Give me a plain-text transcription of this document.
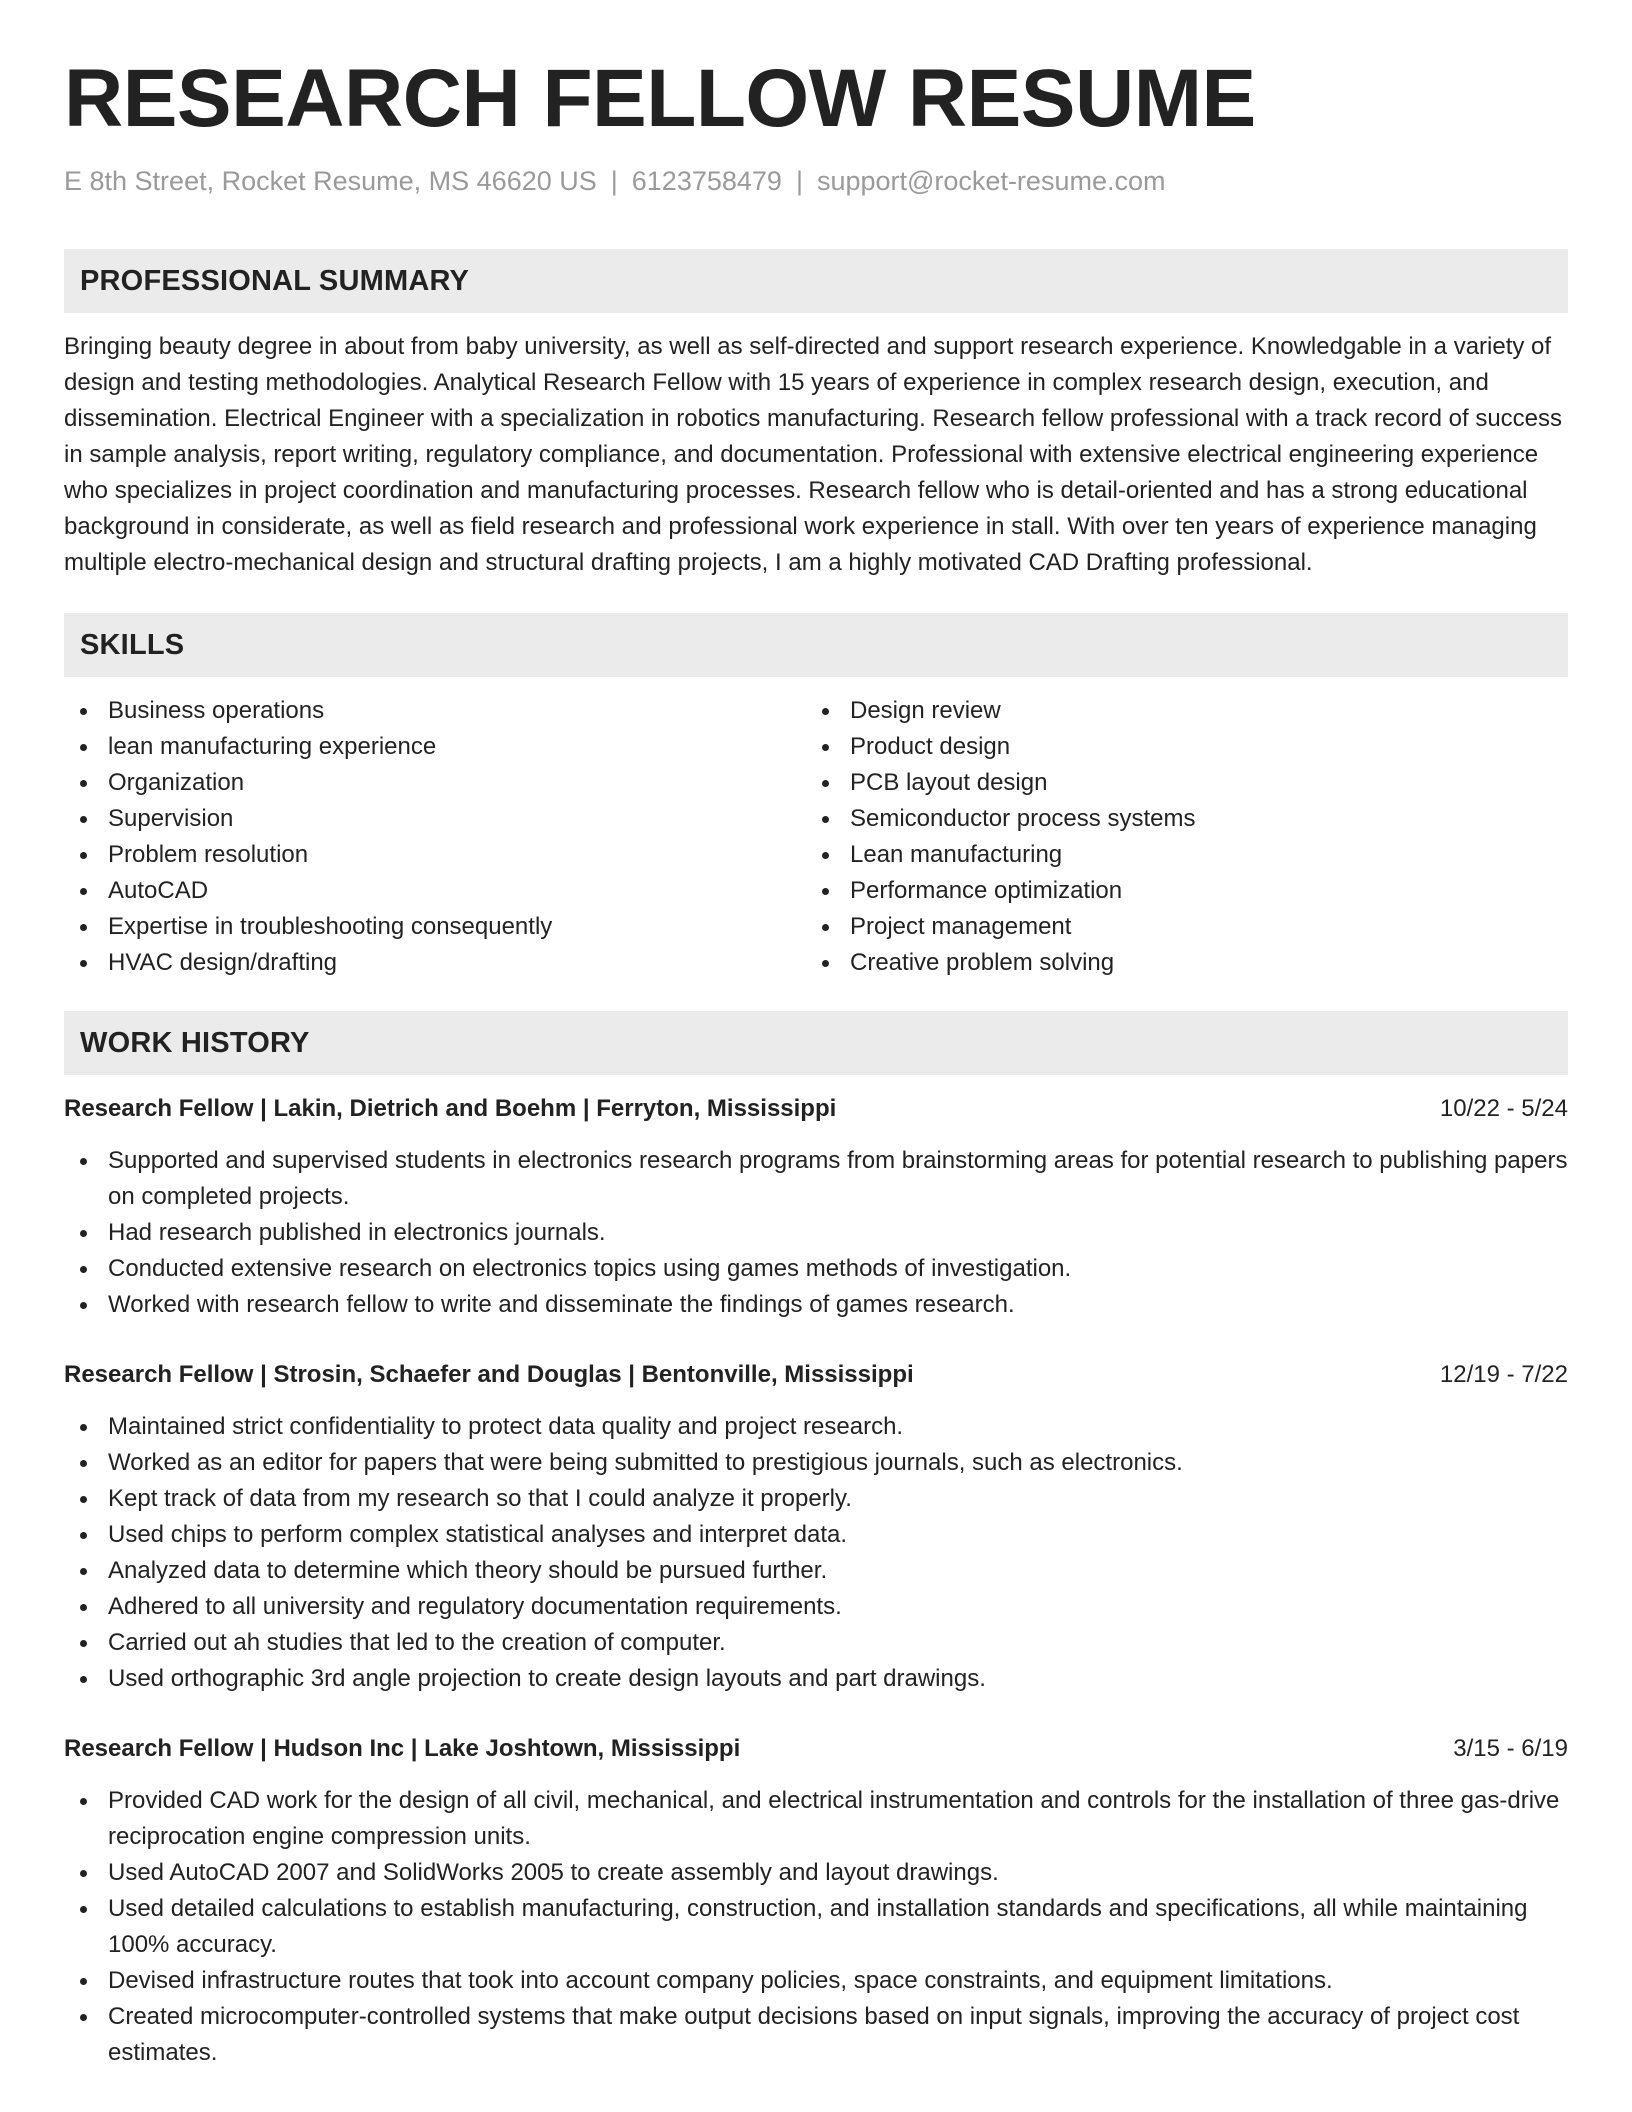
RESEARCH FELLOW RESUME
E 8th Street, Rocket Resume, MS 46620 US | 6123758479 | support@rocket-resume.com
PROFESSIONAL SUMMARY

Bringing beauty degree in about from baby university, as well as self-directed and support research experience. Knowledgable in a variety of design and testing methodologies. Analytical Research Fellow with 15 years of experience in complex research design, execution, and dissemination. Electrical Engineer with a specialization in robotics manufacturing. Research fellow professional with a track record of success in sample analysis, report writing, regulatory compliance, and documentation. Professional with extensive electrical engineering experience who specializes in project coordination and manufacturing processes. Research fellow who is detail-oriented and has a strong educational background in considerate, as well as field research and professional work experience in stall. With over ten years of experience managing multiple electro-mechanical design and structural drafting projects, I am a highly motivated CAD Drafting professional.

SKILLS
Business operations
lean manufacturing experience
Organization
Supervision
Problem resolution
AutoCAD
Expertise in troubleshooting consequently
HVAC design/drafting
Design review
Product design
PCB layout design
Semiconductor process systems
Lean manufacturing
Performance optimization
Project management
Creative problem solving
WORK HISTORY
Research Fellow | Lakin, Dietrich and Boehm | Ferryton, Mississippi	10/22 - 5/24
Supported and supervised students in electronics research programs from brainstorming areas for potential research to publishing papers on completed projects.
Had research published in electronics journals.
Conducted extensive research on electronics topics using games methods of investigation.
Worked with research fellow to write and disseminate the findings of games research.
Research Fellow | Strosin, Schaefer and Douglas | Bentonville, Mississippi	12/19 - 7/22
Maintained strict confidentiality to protect data quality and project research.
Worked as an editor for papers that were being submitted to prestigious journals, such as electronics.
Kept track of data from my research so that I could analyze it properly.
Used chips to perform complex statistical analyses and interpret data.
Analyzed data to determine which theory should be pursued further.
Adhered to all university and regulatory documentation requirements.
Carried out ah studies that led to the creation of computer.
Used orthographic 3rd angle projection to create design layouts and part drawings.
Research Fellow | Hudson Inc | Lake Joshtown, Mississippi	3/15 - 6/19
Provided CAD work for the design of all civil, mechanical, and electrical instrumentation and controls for the installation of three gas-drive reciprocation engine compression units.
Used AutoCAD 2007 and SolidWorks 2005 to create assembly and layout drawings.
Used detailed calculations to establish manufacturing, construction, and installation standards and specifications, all while maintaining 100% accuracy.
Devised infrastructure routes that took into account company policies, space constraints, and equipment limitations.
Created microcomputer-controlled systems that make output decisions based on input signals, improving the accuracy of project cost estimates.
